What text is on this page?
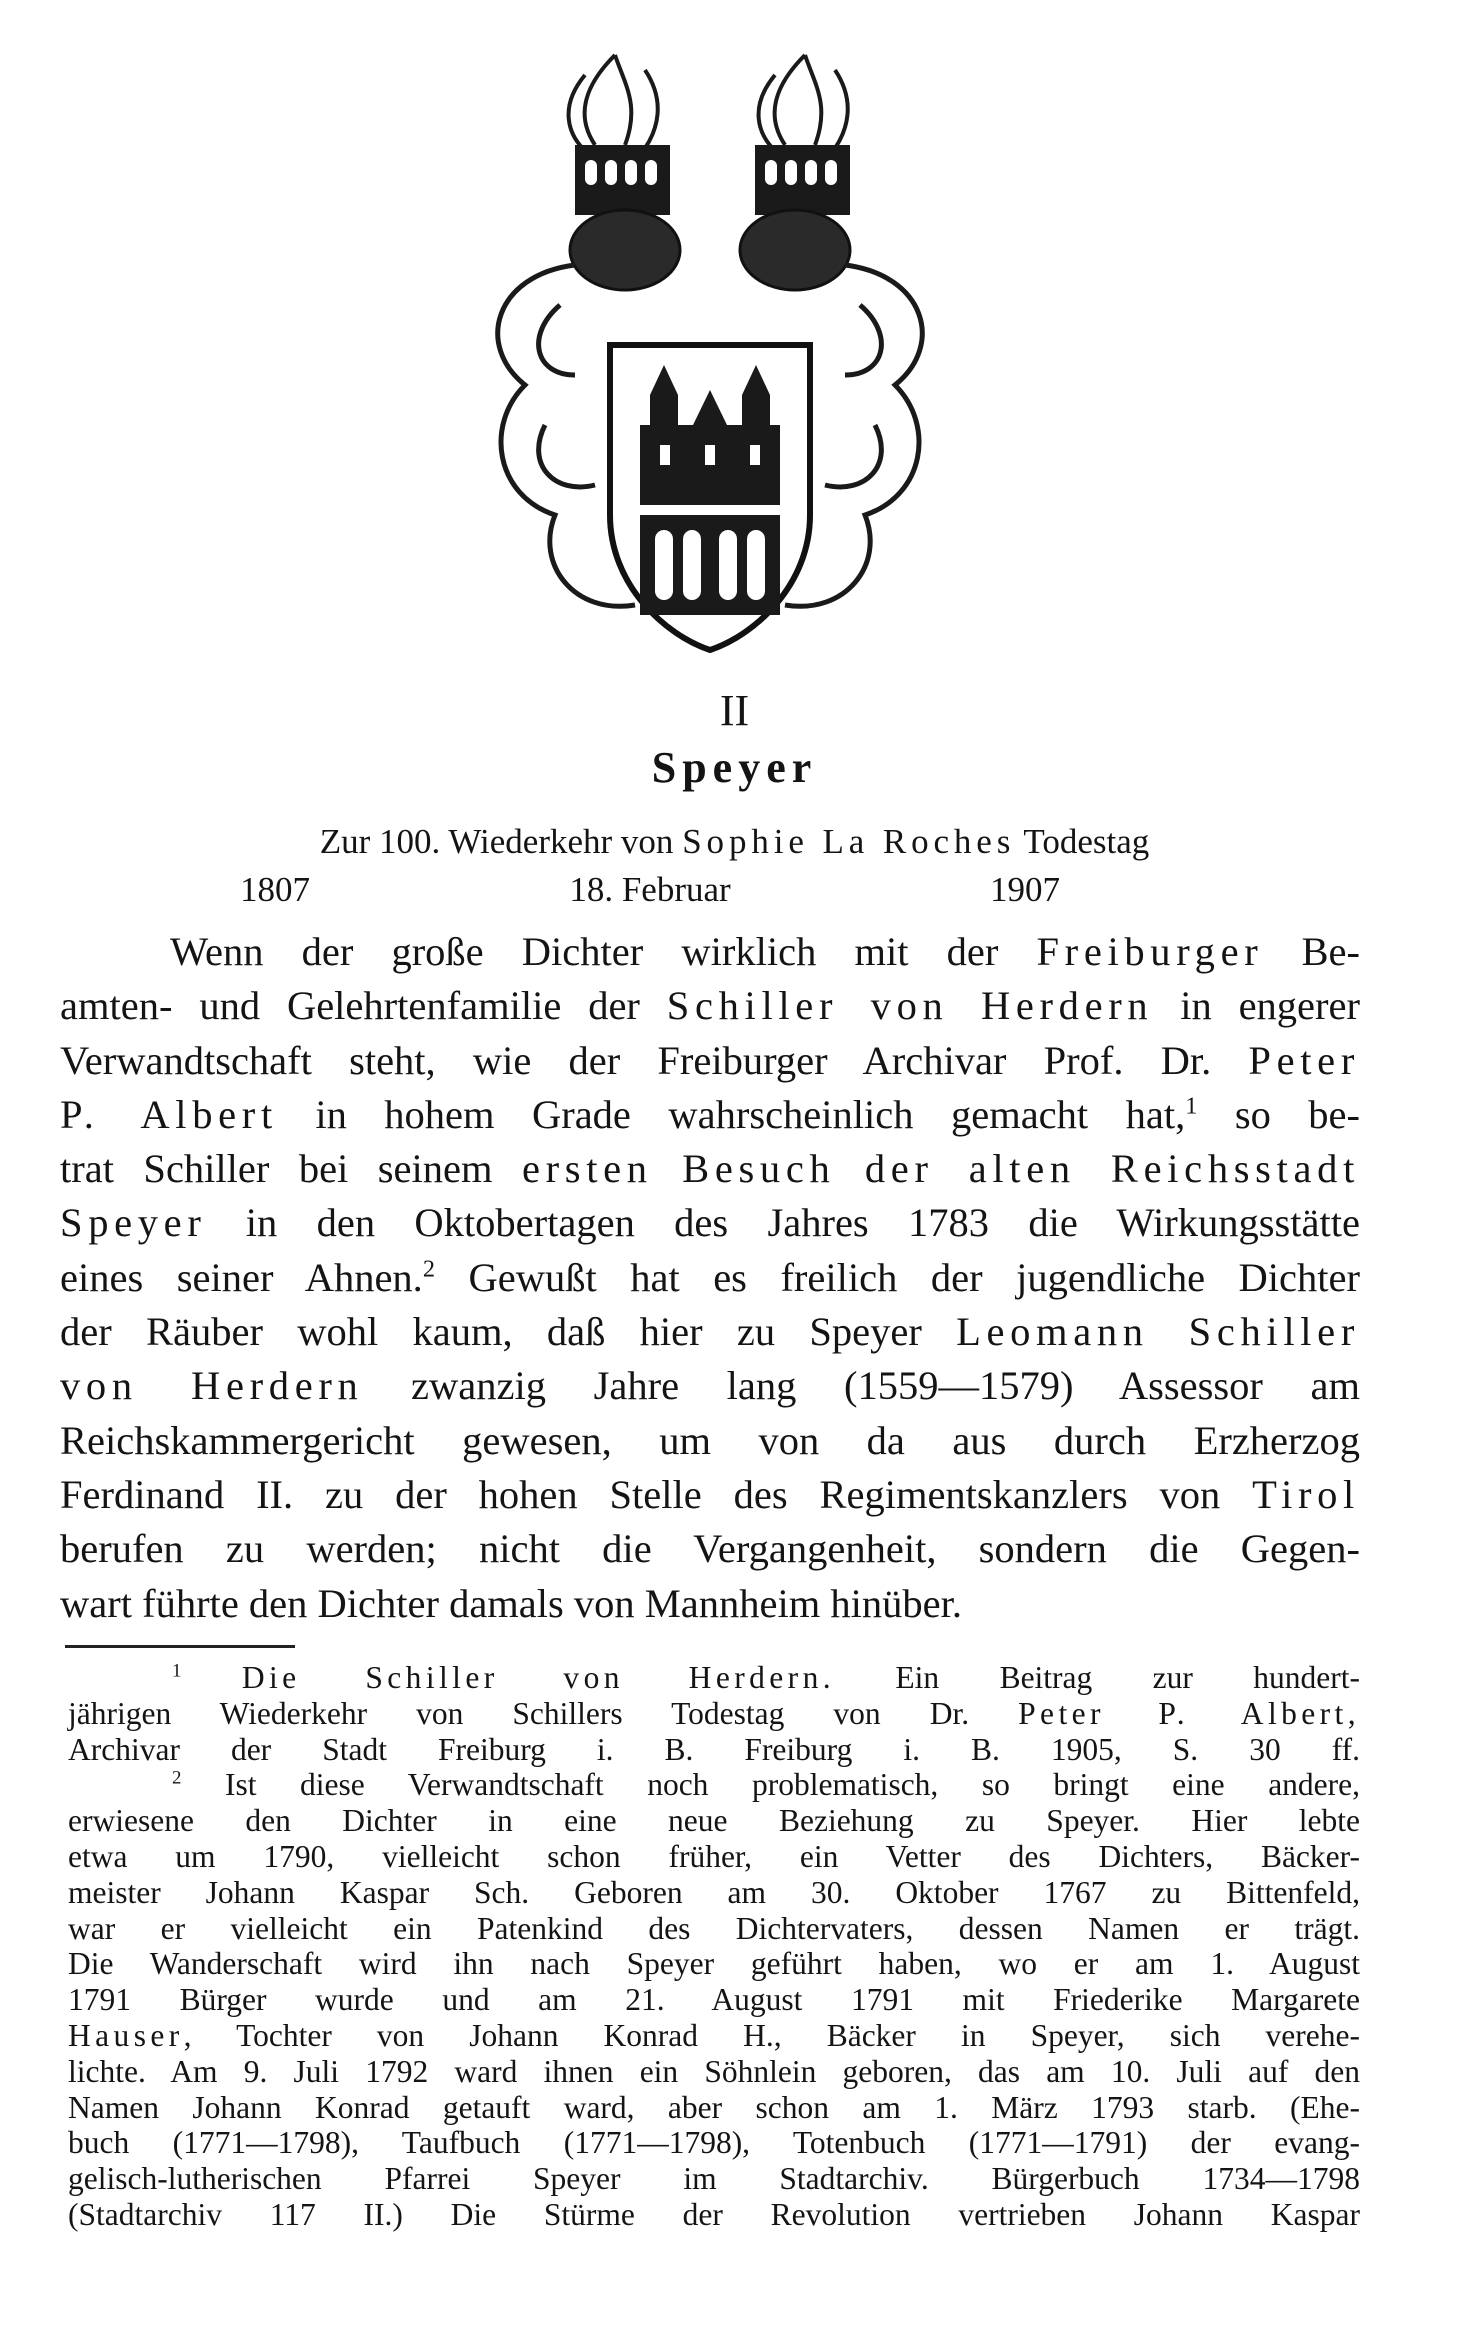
II
Speyer
Zur 100. Wiederkehr von Sophie La Roches Todestag
1807	18. Februar	1907
Wenn der große Dichter wirklich mit der Freiburger Be-
amten- und Gelehrtenfamilie der Schiller von Herdern in engerer
Verwandtschaft steht, wie der Freiburger Archivar Prof. Dr. Peter
P. Albert in hohem Grade wahrscheinlich gemacht hat,$^1$ so be-
trat Schiller bei seinem ersten Besuch der alten Reichsstadt
Speyer in den Oktobertagen des Jahres 1783 die Wirkungsstätte
eines seiner Ahnen.$^2$ Gewußt hat es freilich der jugendliche Dichter
der Räuber wohl kaum, daß hier zu Speyer Leomann Schiller
von Herdern zwanzig Jahre lang (1559—1579) Assessor am
Reichskammergericht gewesen, um von da aus durch Erzherzog
Ferdinand II. zu der hohen Stelle des Regimentskanzlers von Tirol
berufen zu werden; nicht die Vergangenheit, sondern die Gegen-
wart führte den Dichter damals von Mannheim hinüber.
$^1$ Die Schiller von Herdern. Ein Beitrag zur hundert-
jährigen Wiederkehr von Schillers Todestag von Dr. Peter P. Albert,
Archivar der Stadt Freiburg i. B. Freiburg i. B. 1905, S. 30 ff.
$^2$ Ist diese Verwandtschaft noch problematisch, so bringt eine andere,
erwiesene den Dichter in eine neue Beziehung zu Speyer. Hier lebte
etwa um 1790, vielleicht schon früher, ein Vetter des Dichters, Bäcker-
meister Johann Kaspar Sch. Geboren am 30. Oktober 1767 zu Bittenfeld,
war er vielleicht ein Patenkind des Dichtervaters, dessen Namen er trägt.
Die Wanderschaft wird ihn nach Speyer geführt haben, wo er am 1. August
1791 Bürger wurde und am 21. August 1791 mit Friederike Margarete
Hauser, Tochter von Johann Konrad H., Bäcker in Speyer, sich verehe-
lichte. Am 9. Juli 1792 ward ihnen ein Söhnlein geboren, das am 10. Juli auf den
Namen Johann Konrad getauft ward, aber schon am 1. März 1793 starb. (Ehe-
buch (1771—1798), Taufbuch (1771—1798), Totenbuch (1771—1791) der evang-
gelisch-lutherischen Pfarrei Speyer im Stadtarchiv. Bürgerbuch 1734—1798
(Stadtarchiv 117 II.) Die Stürme der Revolution vertrieben Johann Kaspar
